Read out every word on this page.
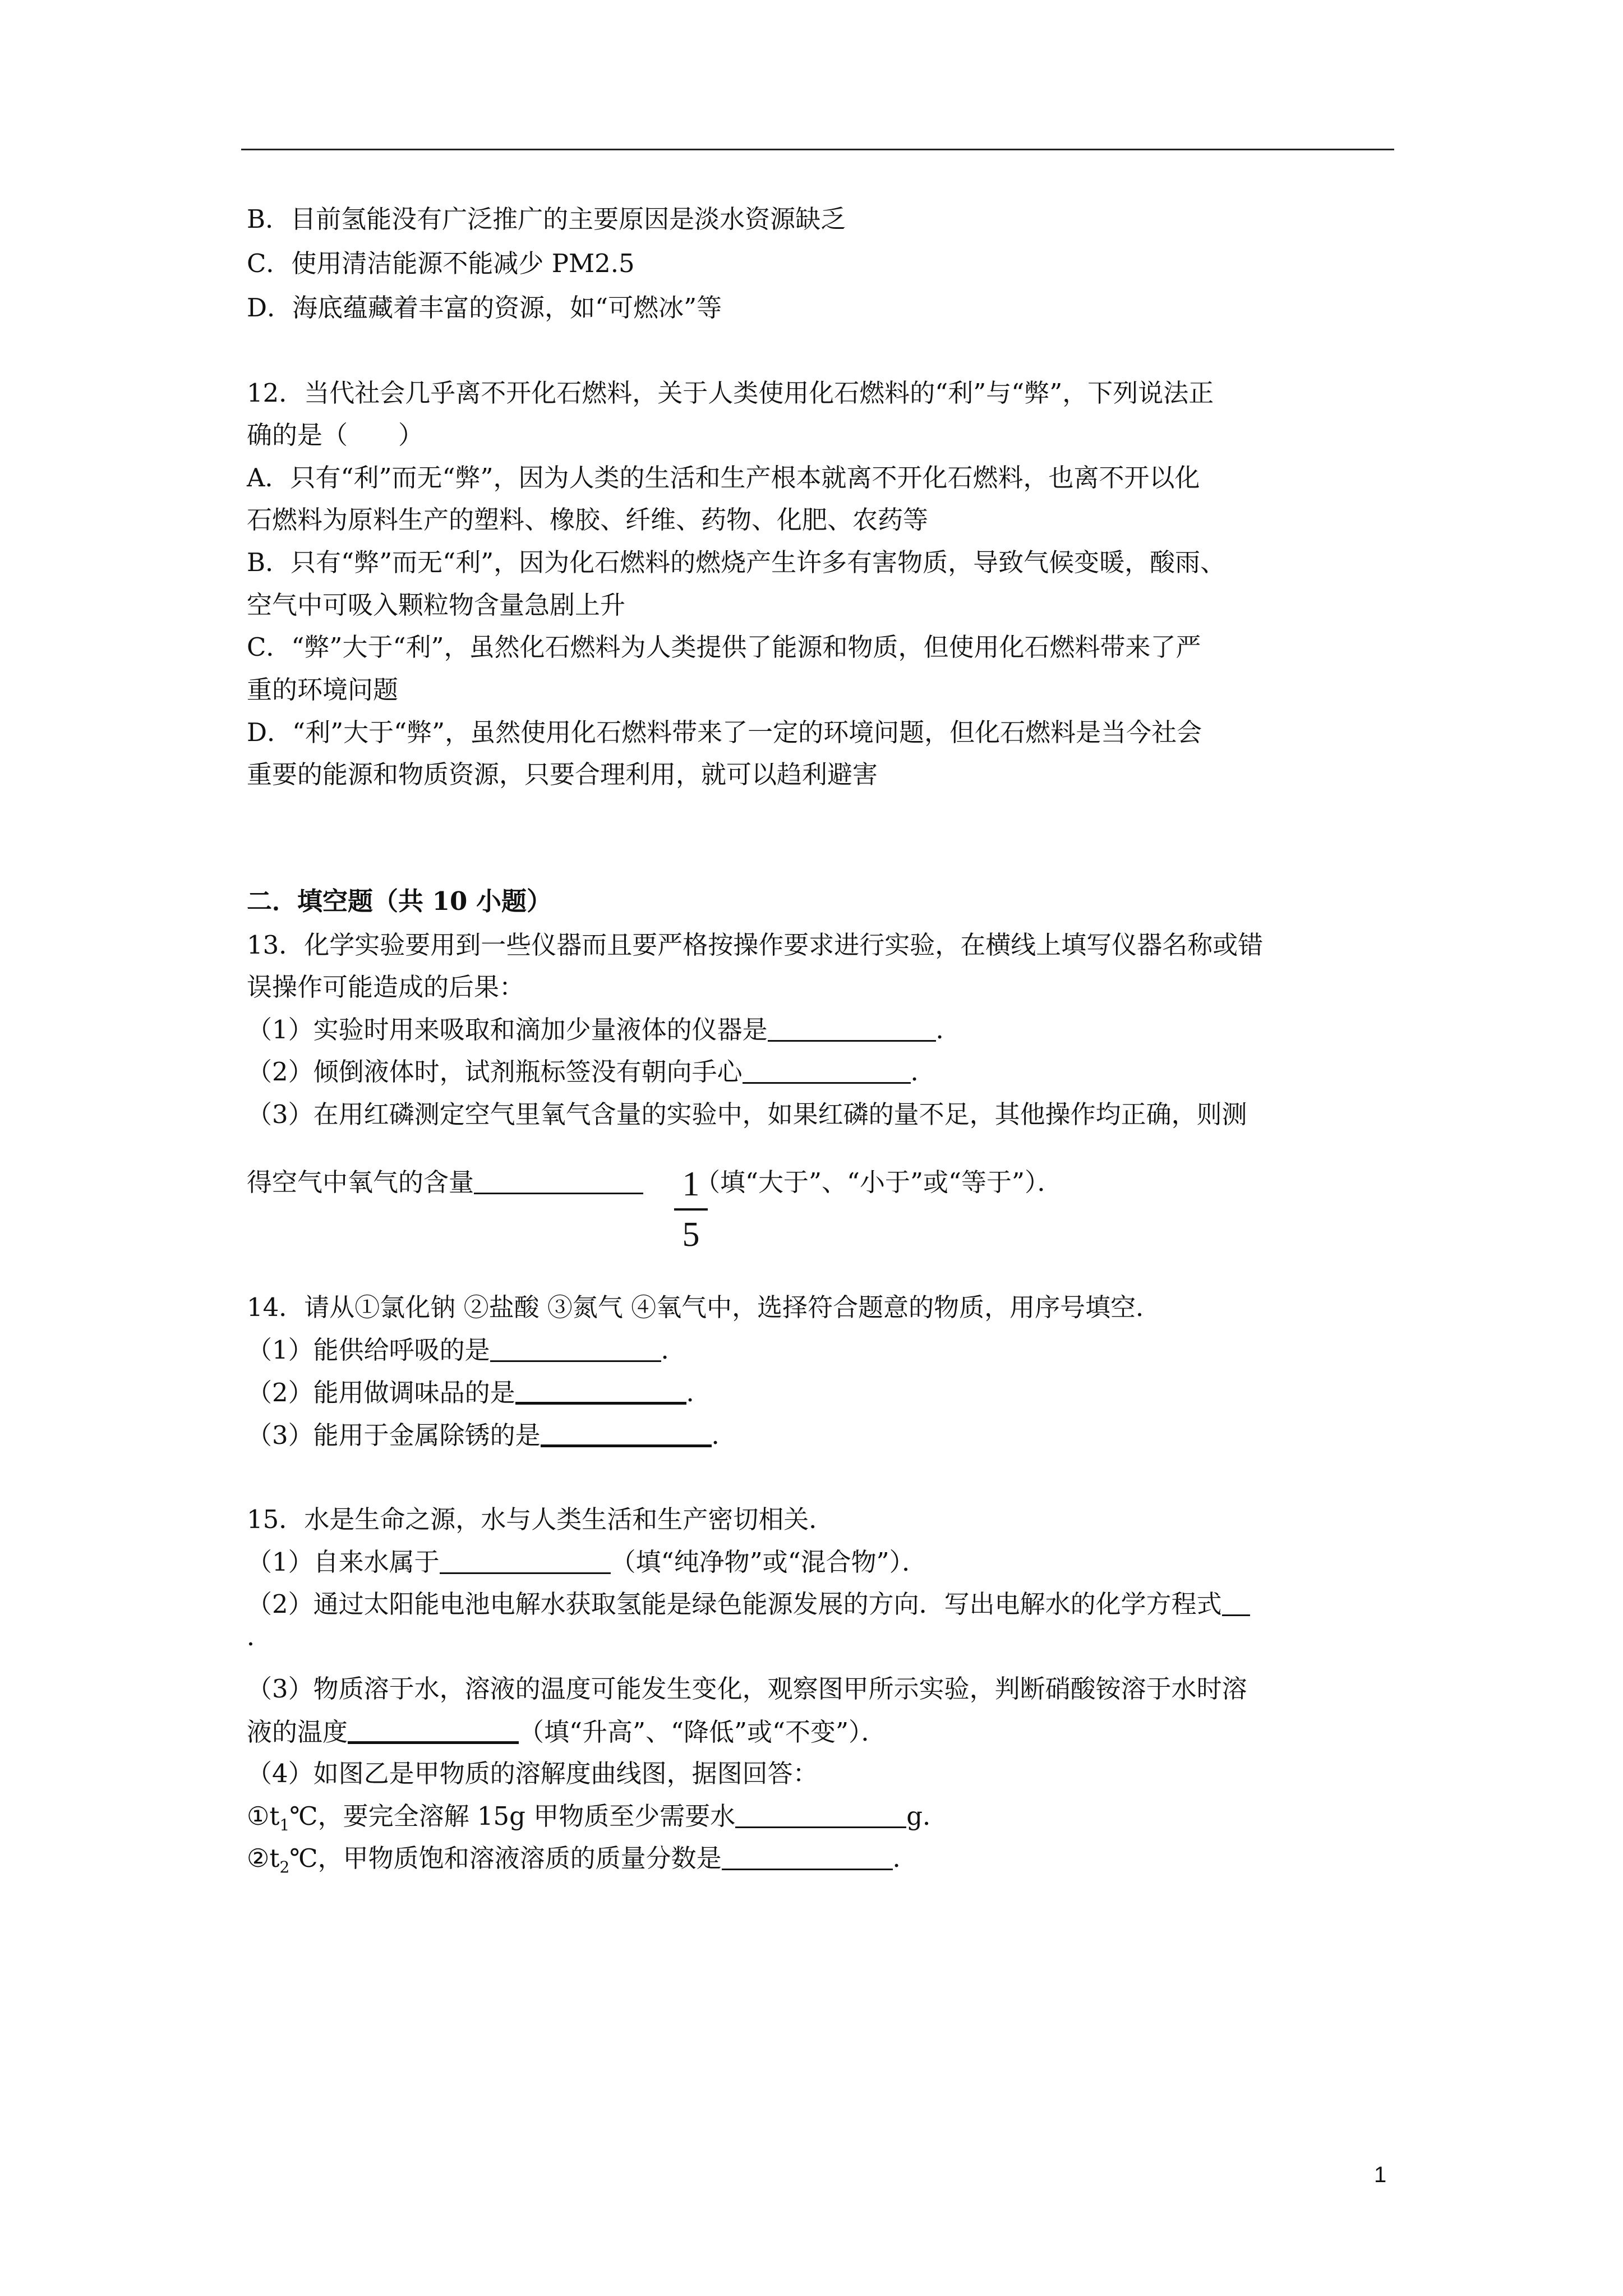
B．目前氢能没有广泛推广的主要原因是淡水资源缺乏
C．使用清洁能源不能减少 PM2.5
D．海底蕴藏着丰富的资源，如“可燃冰”等
12．当代社会几乎离不开化石燃料，关于人类使用化石燃料的“利”与“弊”，下列说法正
确的是（　　）
A．只有“利”而无“弊”，因为人类的生活和生产根本就离不开化石燃料，也离不开以化
石燃料为原料生产的塑料、橡胶、纤维、药物、化肥、农药等
B．只有“弊”而无“利”，因为化石燃料的燃烧产生许多有害物质，导致气候变暖，酸雨、
空气中可吸入颗粒物含量急剧上升
C．“弊”大于“利”，虽然化石燃料为人类提供了能源和物质，但使用化石燃料带来了严
重的环境问题
D．“利”大于“弊”，虽然使用化石燃料带来了一定的环境问题，但化石燃料是当今社会
重要的能源和物质资源，只要合理利用，就可以趋利避害
二．填空题（共 10 小题）
13．化学实验要用到一些仪器而且要严格按操作要求进行实验，在横线上填写仪器名称或错
误操作可能造成的后果：
（1）实验时用来吸取和滴加少量液体的仪器是	．
（2）倾倒液体时，试剂瓶标签没有朝向手心	．
（3）在用红磷测定空气里氧气含量的实验中，如果红磷的量不足，其他操作均正确，则测
得空气中氧气的含量	（填“大于”、“小于”或“等于”）．
1
5
14．请从①氯化钠 ②盐酸 ③氮气 ④氧气中，选择符合题意的物质，用序号填空．
（1）能供给呼吸的是	．
（2）能用做调味品的是	．
（3）能用于金属除锈的是	．
15．水是生命之源，水与人类生活和生产密切相关．
（1）自来水属于	（填“纯净物”或“混合物”）．
（2）通过太阳能电池电解水获取氢能是绿色能源发展的方向．写出电解水的化学方程式
．
（3）物质溶于水，溶液的温度可能发生变化，观察图甲所示实验，判断硝酸铵溶于水时溶
液的温度	（填“升高”、“降低”或“不变”）．
（4）如图乙是甲物质的溶解度曲线图，据图回答：
$①t_1℃$，要完全溶解 15g 甲物质至少需要水	g．
$②t_2℃$，甲物质饱和溶液溶质的质量分数是	．
1
